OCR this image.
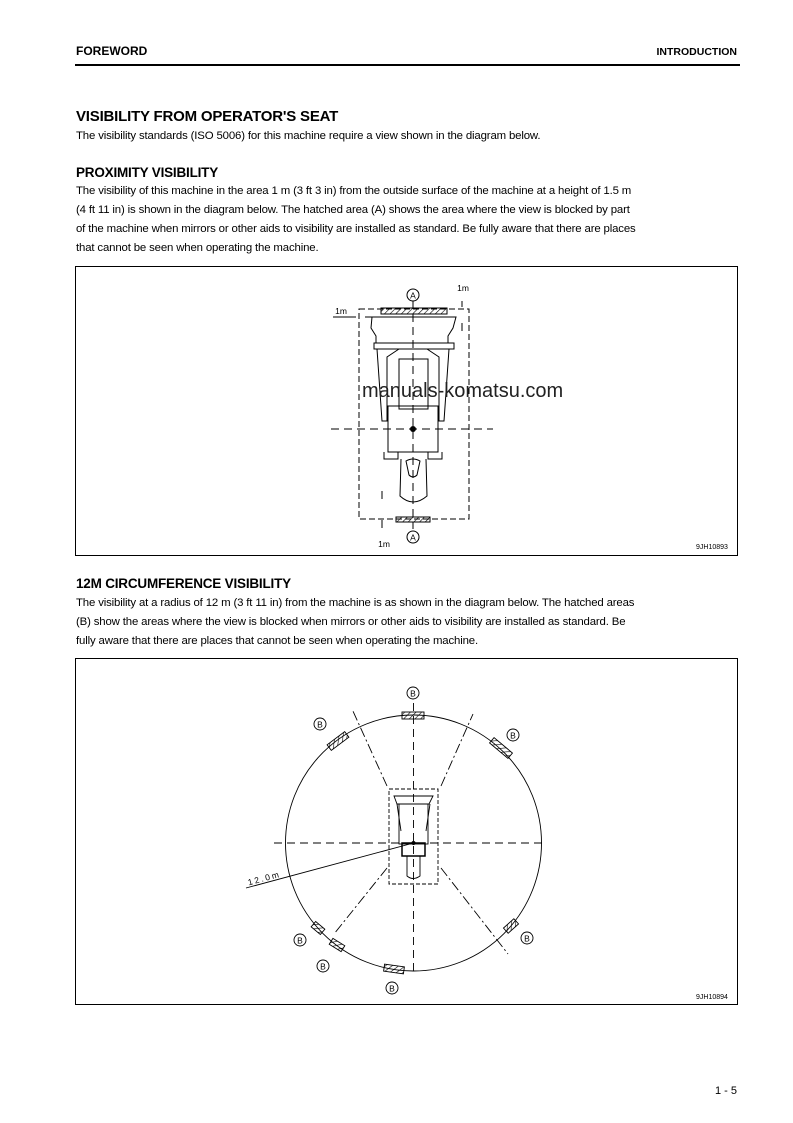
FOREWORD	INTRODUCTION
VISIBILITY FROM OPERATOR'S SEAT
The visibility standards (ISO 5006) for this machine require a view shown in the diagram below.
PROXIMITY VISIBILITY
The visibility of this machine in the area 1 m (3 ft 3 in) from the outside surface of the machine at a height of 1.5 m
(4 ft 11 in) is shown in the diagram below. The hatched area (A) shows the area where the view is blocked by part
of the machine when mirrors or other aids to visibility are installed as standard. Be fully aware that there are places
that cannot be seen when operating the machine.
A
A
1m
1m
1m	9JH10893
manuals-komatsu.com
12M CIRCUMFERENCE VISIBILITY
The visibility at a radius of 12 m (3 ft 11 in) from the machine is as shown in the diagram below. The hatched areas
(B) show the areas where the view is blocked when mirrors or other aids to visibility are installed as standard. Be
fully aware that there are places that cannot be seen when operating the machine.
B
B
B
B
B
B
B
12.0m
9JH10894
1 - 5
